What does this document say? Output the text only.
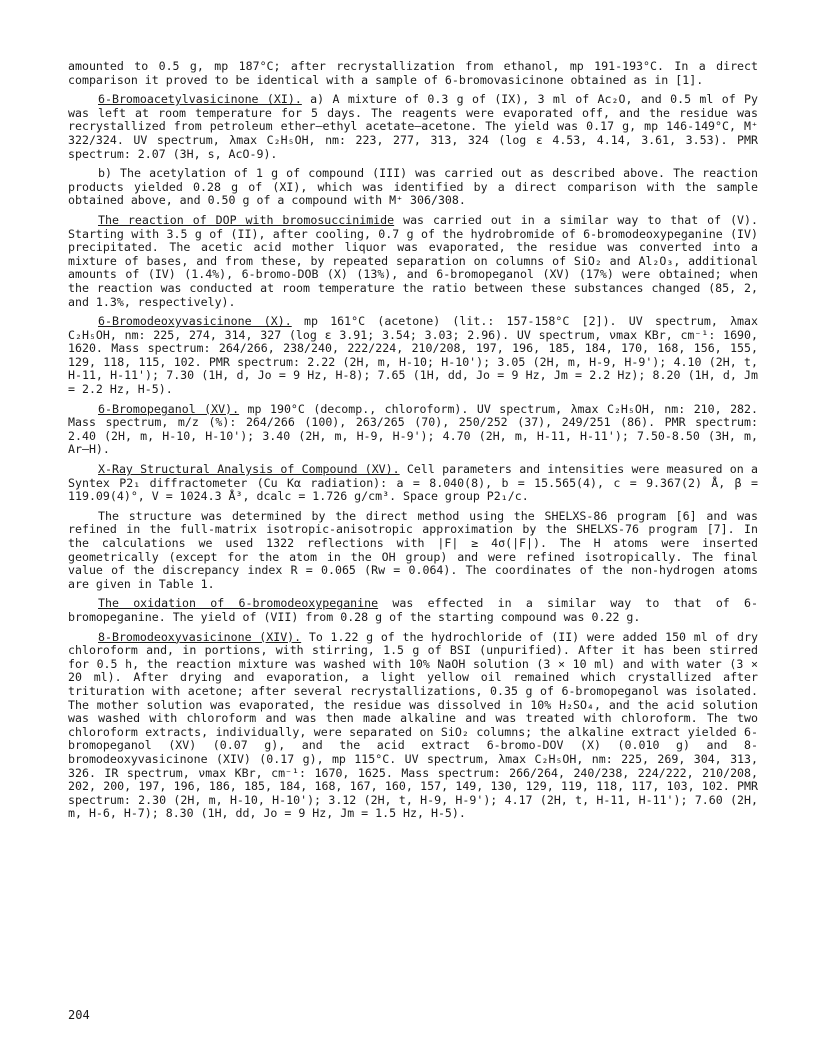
amounted to 0.5 g, mp 187°C; after recrystallization from ethanol, mp 191-193°C. In a direct comparison it proved to be identical with a sample of 6-bromovasicinone obtained as in [1].

6-Bromoacetylvasicinone (XI). a) A mixture of 0.3 g of (IX), 3 ml of Ac₂O, and 0.5 ml of Py was left at room temperature for 5 days. The reagents were evaporated off, and the residue was recrystallized from petroleum ether–ethyl acetate–acetone. The yield was 0.17 g, mp 146-149°C, M⁺ 322/324. UV spectrum, λmax C₂H₅OH, nm: 223, 277, 313, 324 (log ε 4.53, 4.14, 3.61, 3.53). PMR spectrum: 2.07 (3H, s, AcO-9).

b) The acetylation of 1 g of compound (III) was carried out as described above. The reaction products yielded 0.28 g of (XI), which was identified by a direct comparison with the sample obtained above, and 0.50 g of a compound with M⁺ 306/308.

The reaction of DOP with bromosuccinimide was carried out in a similar way to that of (V). Starting with 3.5 g of (II), after cooling, 0.7 g of the hydrobromide of 6-bromodeoxypeganine (IV) precipitated. The acetic acid mother liquor was evaporated, the residue was converted into a mixture of bases, and from these, by repeated separation on columns of SiO₂ and Al₂O₃, additional amounts of (IV) (1.4%), 6-bromo-DOB (X) (13%), and 6-bromopeganol (XV) (17%) were obtained; when the reaction was conducted at room temperature the ratio between these substances changed (85, 2, and 1.3%, respectively).

6-Bromodeoxyvasicinone (X). mp 161°C (acetone) (lit.: 157-158°C [2]). UV spectrum, λmax C₂H₅OH, nm: 225, 274, 314, 327 (log ε 3.91; 3.54; 3.03; 2.96). UV spectrum, νmax KBr, cm⁻¹: 1690, 1620. Mass spectrum: 264/266, 238/240, 222/224, 210/208, 197, 196, 185, 184, 170, 168, 156, 155, 129, 118, 115, 102. PMR spectrum: 2.22 (2H, m, H-10; H-10'); 3.05 (2H, m, H-9, H-9'); 4.10 (2H, t, H-11, H-11'); 7.30 (1H, d, Jo = 9 Hz, H-8); 7.65 (1H, dd, Jo = 9 Hz, Jm = 2.2 Hz); 8.20 (1H, d, Jm = 2.2 Hz, H-5).

6-Bromopeganol (XV). mp 190°C (decomp., chloroform). UV spectrum, λmax C₂H₅OH, nm: 210, 282. Mass spectrum, m/z (%): 264/266 (100), 263/265 (70), 250/252 (37), 249/251 (86). PMR spectrum: 2.40 (2H, m, H-10, H-10'); 3.40 (2H, m, H-9, H-9'); 4.70 (2H, m, H-11, H-11'); 7.50-8.50 (3H, m, Ar–H).

X-Ray Structural Analysis of Compound (XV). Cell parameters and intensities were measured on a Syntex P2₁ diffractometer (Cu Kα radiation): a = 8.040(8), b = 15.565(4), c = 9.367(2) Å, β = 119.09(4)°, V = 1024.3 Å³, dcalc = 1.726 g/cm³. Space group P2₁/c.

The structure was determined by the direct method using the SHELXS-86 program [6] and was refined in the full-matrix isotropic-anisotropic approximation by the SHELXS-76 program [7]. In the calculations we used 1322 reflections with |F| ≥ 4σ(|F|). The H atoms were inserted geometrically (except for the atom in the OH group) and were refined isotropically. The final value of the discrepancy index R = 0.065 (Rw = 0.064). The coordinates of the non-hydrogen atoms are given in Table 1.

The oxidation of 6-bromodeoxypeganine was effected in a similar way to that of 6-bromopeganine. The yield of (VII) from 0.28 g of the starting compound was 0.22 g.

8-Bromodeoxyvasicinone (XIV). To 1.22 g of the hydrochloride of (II) were added 150 ml of dry chloroform and, in portions, with stirring, 1.5 g of BSI (unpurified). After it has been stirred for 0.5 h, the reaction mixture was washed with 10% NaOH solution (3 × 10 ml) and with water (3 × 20 ml). After drying and evaporation, a light yellow oil remained which crystallized after trituration with acetone; after several recrystallizations, 0.35 g of 6-bromopeganol was isolated. The mother solution was evaporated, the residue was dissolved in 10% H₂SO₄, and the acid solution was washed with chloroform and was then made alkaline and was treated with chloroform. The two chloroform extracts, individually, were separated on SiO₂ columns; the alkaline extract yielded 6-bromopeganol (XV) (0.07 g), and the acid extract 6-bromo-DOV (X) (0.010 g) and 8-bromodeoxyvasicinone (XIV) (0.17 g), mp 115°C. UV spectrum, λmax C₂H₅OH, nm: 225, 269, 304, 313, 326. IR spectrum, νmax KBr, cm⁻¹: 1670, 1625. Mass spectrum: 266/264, 240/238, 224/222, 210/208, 202, 200, 197, 196, 186, 185, 184, 168, 167, 160, 157, 149, 130, 129, 119, 118, 117, 103, 102. PMR spectrum: 2.30 (2H, m, H-10, H-10'); 3.12 (2H, t, H-9, H-9'); 4.17 (2H, t, H-11, H-11'); 7.60 (2H, m, H-6, H-7); 8.30 (1H, dd, Jo = 9 Hz, Jm = 1.5 Hz, H-5).

204
